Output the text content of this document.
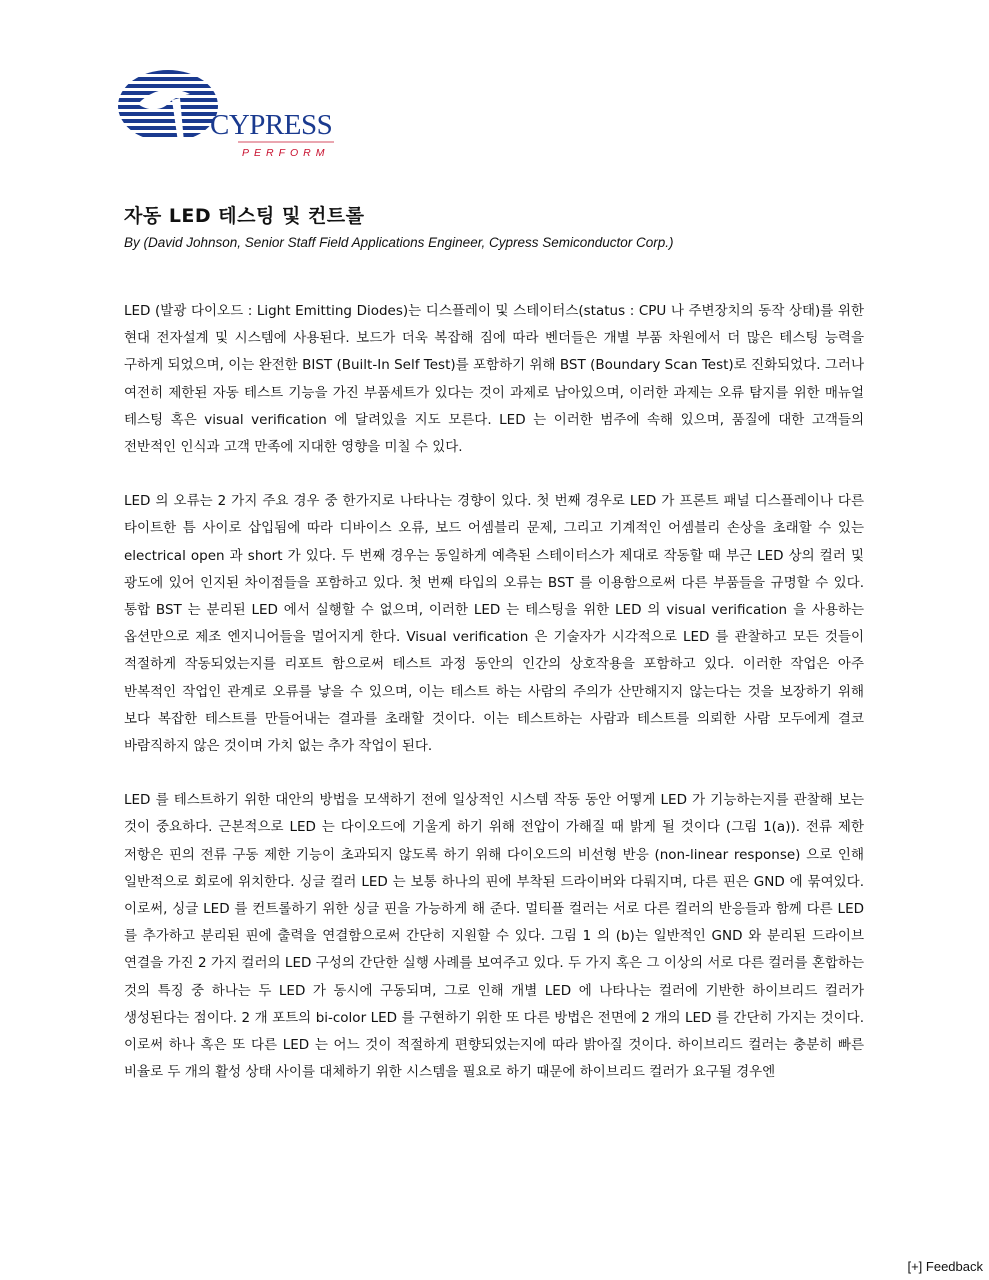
CYPRESS
PERFORM
자동 LED 테스팅 및 컨트롤

By (David Johnson, Senior Staff Field Applications Engineer, Cypress Semiconductor Corp.)

LED (발광 다이오드 : Light Emitting Diodes)는 디스플레이 및 스테이터스(status : CPU 나 주변장치의 동작 상태)를 위한 현대 전자설계 및 시스템에 사용된다. 보드가 더욱 복잡해 짐에 따라 벤더들은 개별 부품 차원에서 더 많은 테스팅 능력을 구하게 되었으며, 이는 완전한 BIST (Built-In Self Test)를 포함하기 위해 BST (Boundary Scan Test)로 진화되었다. 그러나 여전히 제한된 자동 테스트 기능을 가진 부품세트가 있다는 것이 과제로 남아있으며, 이러한 과제는 오류 탐지를 위한 매뉴얼 테스팅 혹은 visual verification 에 달려있을 지도 모른다. LED 는 이러한 범주에 속해 있으며, 품질에 대한 고객들의 전반적인 인식과 고객 만족에 지대한 영향을 미칠 수 있다.

LED 의 오류는 2 가지 주요 경우 중 한가지로 나타나는 경향이 있다. 첫 번째 경우로 LED 가 프론트 패널 디스플레이나 다른 타이트한 틈 사이로 삽입됨에 따라 디바이스 오류, 보드 어셈블리 문제, 그리고 기계적인 어셈블리 손상을 초래할 수 있는 electrical open 과 short 가 있다. 두 번째 경우는 동일하게 예측된 스테이터스가 제대로 작동할 때 부근 LED 상의 컬러 및 광도에 있어 인지된 차이점들을 포함하고 있다. 첫 번째 타입의 오류는 BST 를 이용함으로써 다른 부품들을 규명할 수 있다. 통합 BST 는 분리된 LED 에서 실행할 수 없으며, 이러한 LED 는 테스팅을 위한 LED 의 visual verification 을 사용하는 옵션만으로 제조 엔지니어들을 멀어지게 한다. Visual verification 은 기술자가 시각적으로 LED 를 관찰하고 모든 것들이 적절하게 작동되었는지를 리포트 함으로써 테스트 과정 동안의 인간의 상호작용을 포함하고 있다. 이러한 작업은 아주 반복적인 작업인 관계로 오류를 낳을 수 있으며, 이는 테스트 하는 사람의 주의가 산만해지지 않는다는 것을 보장하기 위해 보다 복잡한 테스트를 만들어내는 결과를 초래할 것이다. 이는 테스트하는 사람과 테스트를 의뢰한 사람 모두에게 결코 바람직하지 않은 것이며 가치 없는 추가 작업이 된다.

LED 를 테스트하기 위한 대안의 방법을 모색하기 전에 일상적인 시스템 작동 동안 어떻게 LED 가 기능하는지를 관찰해 보는 것이 중요하다. 근본적으로 LED 는 다이오드에 기울게 하기 위해 전압이 가해질 때 밝게 될 것이다 (그림 1(a)). 전류 제한 저항은 핀의 전류 구동 제한 기능이 초과되지 않도록 하기 위해 다이오드의 비선형 반응 (non-linear response) 으로 인해 일반적으로 회로에 위치한다. 싱글 컬러 LED 는 보통 하나의 핀에 부착된 드라이버와 다뤄지며, 다른 핀은 GND 에 묶여있다. 이로써, 싱글 LED 를 컨트롤하기 위한 싱글 핀을 가능하게 해 준다. 멀티플 컬러는 서로 다른 컬러의 반응들과 함께 다른 LED 를 추가하고 분리된 핀에 출력을 연결함으로써 간단히 지원할 수 있다. 그림 1 의 (b)는 일반적인 GND 와 분리된 드라이브 연결을 가진 2 가지 컬러의 LED 구성의 간단한 실행 사례를 보여주고 있다. 두 가지 혹은 그 이상의 서로 다른 컬러를 혼합하는 것의 특징 중 하나는 두 LED 가 동시에 구동되며, 그로 인해 개별 LED 에 나타나는 컬러에 기반한 하이브리드 컬러가 생성된다는 점이다. 2 개 포트의 bi-color LED 를 구현하기 위한 또 다른 방법은 전면에 2 개의 LED 를 간단히 가지는 것이다. 이로써 하나 혹은 또 다른 LED 는 어느 것이 적절하게 편향되었는지에 따라 밝아질 것이다. 하이브리드 컬러는 충분히 빠른 비율로 두 개의 활성 상태 사이를 대체하기 위한 시스템을 필요로 하기 때문에 하이브리드 컬러가 요구될 경우엔

[+] Feedback
